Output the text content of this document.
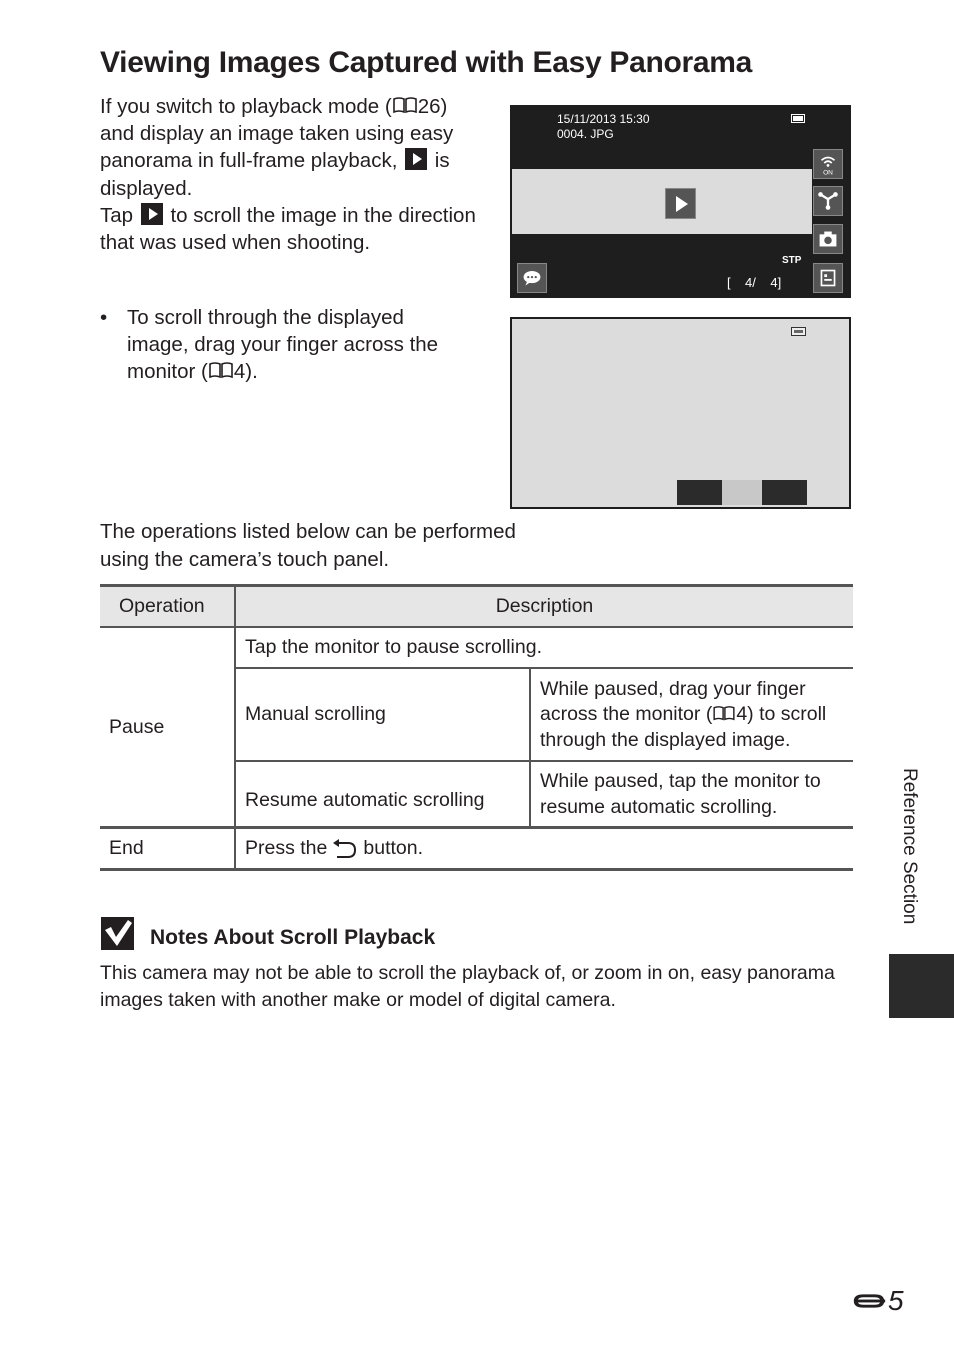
Viewing Images Captured with Easy Panorama

If you switch to playback mode ( 26) and display an image taken using easy panorama in full-frame playback, is displayed.

Tap to scroll the image in the direction that was used when shooting.

• To scroll through the displayed image, drag your finger across the monitor ( 4).
15/11/2013 15:30
0004. JPG
ON
STP
[    4/    4]
The operations listed below can be performed using the camera’s touch panel.
Operation	Description
Pause
Tap the monitor to pause scrolling.
Manual scrolling
While paused, drag your finger across the monitor ( 4) to scroll through the displayed image.
Resume automatic scrolling
While paused, tap the monitor to resume automatic scrolling.
End	Press the button.
Notes About Scroll Playback
This camera may not be able to scroll the playback of, or zoom in on, easy panorama images taken with another make or model of digital camera.
Reference Section
5
